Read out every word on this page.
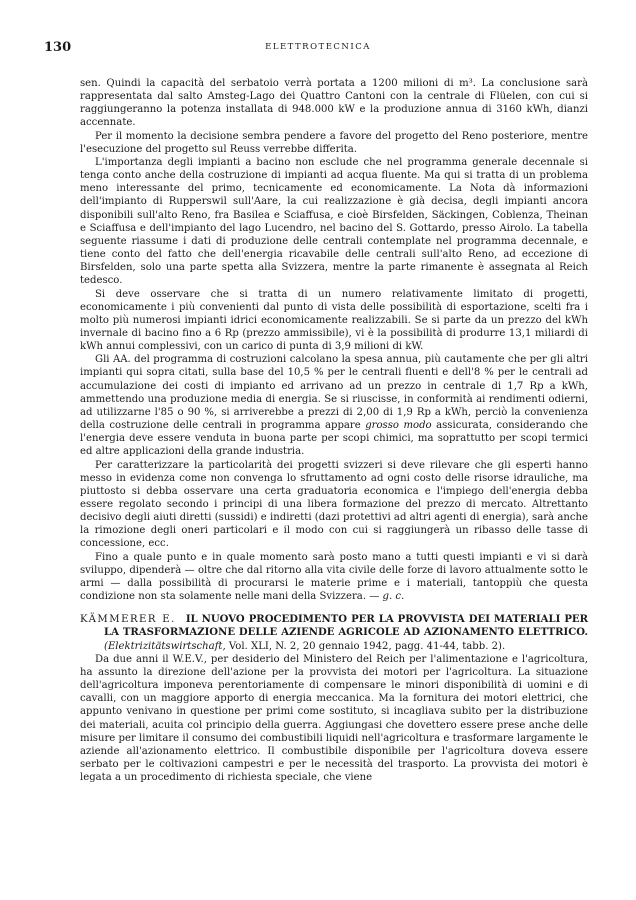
130	ELETTROTECNICA

sen. Quindi la capacità del serbatoio verrà portata a 1200 milioni di m³. La conclusione sarà rappresentata dal salto Amsteg-Lago dei Quattro Cantoni con la centrale di Flüelen, con cui si raggiungeranno la potenza installata di 948.000 kW e la produzione annua di 3160 kWh, dianzi accennate.

Per il momento la decisione sembra pendere a favore del progetto del Reno posteriore, mentre l'esecuzione del progetto sul Reuss verrebbe differita.

L'importanza degli impianti a bacino non esclude che nel programma generale decennale si tenga conto anche della costruzione di impianti ad acqua fluente. Ma qui si tratta di un problema meno interessante del primo, tecnicamente ed economicamente. La Nota dà informazioni dell'impianto di Rupperswil sull'Aare, la cui realizzazione è già decisa, degli impianti ancora disponibili sull'alto Reno, fra Basilea e Sciaffusa, e cioè Birsfelden, Säckingen, Coblenza, Theinan e Sciaffusa e dell'impianto del lago Lucendro, nel bacino del S. Gottardo, presso Airolo. La tabella seguente riassume i dati di produzione delle centrali contemplate nel programma decennale, e tiene conto del fatto che dell'energia ricavabile delle centrali sull'alto Reno, ad eccezione di Birsfelden, solo una parte spetta alla Svizzera, mentre la parte rimanente è assegnata al Reich tedesco.

Si deve osservare che si tratta di un numero relativamente limitato di progetti, economicamente i più convenienti dal punto di vista delle possibilità di esportazione, scelti fra i molto più numerosi impianti idrici economicamente realizzabili. Se si parte da un prezzo del kWh invernale di bacino fino a 6 Rp (prezzo ammissibile), vi è la possibilità di produrre 13,1 miliardi di kWh annui complessivi, con un carico di punta di 3,9 milioni di kW.

Gli AA. del programma di costruzioni calcolano la spesa annua, più cautamente che per gli altri impianti qui sopra citati, sulla base del 10,5 % per le centrali fluenti e dell'8 % per le centrali ad accumulazione dei costi di impianto ed arrivano ad un prezzo in centrale di 1,7 Rp a kWh, ammettendo una produzione media di energia. Se si riuscisse, in conformità ai rendimenti odierni, ad utilizzarne l'85 o 90 %, si arriverebbe a prezzi di 2,00 di 1,9 Rp a kWh, perciò la convenienza della costruzione delle centrali in programma appare grosso modo assicurata, considerando che l'energia deve essere venduta in buona parte per scopi chimici, ma soprattutto per scopi termici ed altre applicazioni della grande industria.

Per caratterizzare la particolarità dei progetti svizzeri si deve rilevare che gli esperti hanno messo in evidenza come non convenga lo sfruttamento ad ogni costo delle risorse idrauliche, ma piuttosto si debba osservare una certa graduatoria economica e l'impiego dell'energia debba essere regolato secondo i principi di una libera formazione del prezzo di mercato. Altrettanto decisivo degli aiuti diretti (sussidi) e indiretti (dazi protettivi ad altri agenti di energia), sarà anche la rimozione degli oneri particolari e il modo con cui si raggiungerà un ribasso delle tasse di concessione, ecc.

Fino a quale punto e in quale momento sarà posto mano a tutti questi impianti e vi si darà sviluppo, dipenderà — oltre che dal ritorno alla vita civile delle forze di lavoro attualmente sotto le armi — dalla possibilità di procurarsi le materie prime e i materiali, tantoppiù che questa condizione non sta solamente nelle mani della Svizzera. — g. c.

KÄMMERER E. IL NUOVO PROCEDIMENTO PER LA PROVVISTA DEI MATERIALI PER LA TRASFORMAZIONE DELLE AZIENDE AGRICOLE AD AZIONAMENTO ELETTRICO. (Elektrizitätswirtschaft, Vol. XLI, N. 2, 20 gennaio 1942, pagg. 41-44, tabb. 2).

Da due anni il W.E.V., per desiderio del Ministero del Reich per l'alimentazione e l'agricoltura, ha assunto la direzione dell'azione per la provvista dei motori per l'agricoltura. La situazione dell'agricoltura imponeva perentoriamente di compensare le minori disponibilità di uomini e di cavalli, con un maggiore apporto di energia meccanica. Ma la fornitura dei motori elettrici, che appunto venivano in questione per primi come sostituto, si incagliava subito per la distribuzione dei materiali, acuita col principio della guerra. Aggiungasi che dovettero essere prese anche delle misure per limitare il consumo dei combustibili liquidi nell'agricoltura e trasformare largamente le aziende all'azionamento elettrico. Il combustibile disponibile per l'agricoltura doveva essere serbato per le coltivazioni campestri e per le necessità del trasporto. La provvista dei motori è legata a un procedimento di richiesta speciale, che viene
